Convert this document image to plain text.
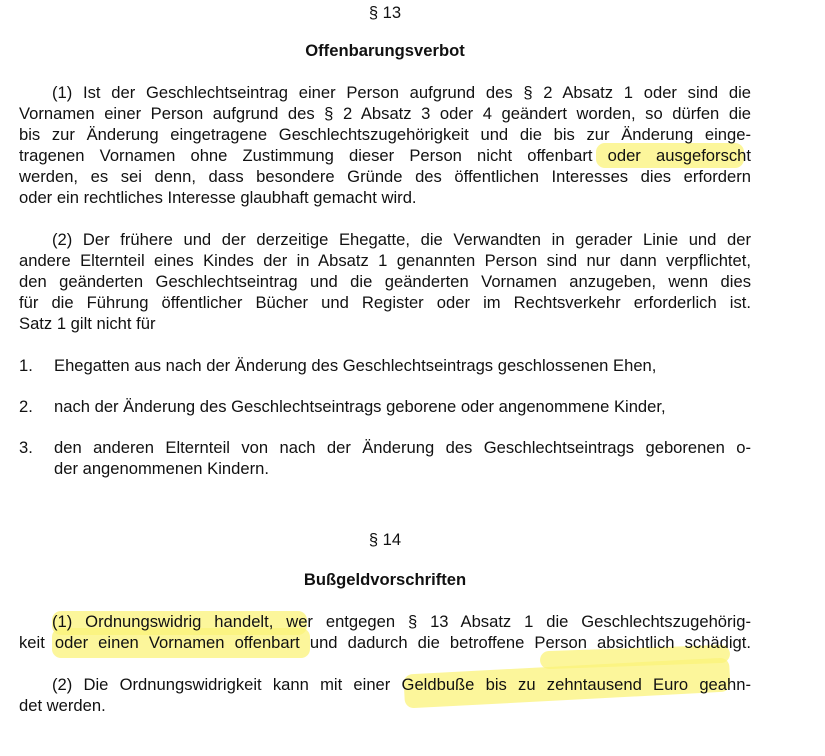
§ 13
Offenbarungsverbot
(1) Ist der Geschlechtseintrag einer Person aufgrund des § 2 Absatz 1 oder sind die
Vornamen einer Person aufgrund des § 2 Absatz 3 oder 4 geändert worden, so dürfen die
bis zur Änderung eingetragene Geschlechtszugehörigkeit und die bis zur Änderung einge-
tragenen Vornamen ohne Zustimmung dieser Person nicht offenbart oder ausgeforscht
werden, es sei denn, dass besondere Gründe des öffentlichen Interesses dies erfordern
oder ein rechtliches Interesse glaubhaft gemacht wird.
(2) Der frühere und der derzeitige Ehegatte, die Verwandten in gerader Linie und der
andere Elternteil eines Kindes der in Absatz 1 genannten Person sind nur dann verpflichtet,
den geänderten Geschlechtseintrag und die geänderten Vornamen anzugeben, wenn dies
für die Führung öffentlicher Bücher und Register oder im Rechtsverkehr erforderlich ist.
Satz 1 gilt nicht für
1. Ehegatten aus nach der Änderung des Geschlechtseintrags geschlossenen Ehen,
2. nach der Änderung des Geschlechtseintrags geborene oder angenommene Kinder,
3. den anderen Elternteil von nach der Änderung des Geschlechtseintrags geborenen o-
der angenommenen Kindern.
§ 14
Bußgeldvorschriften
(1) Ordnungswidrig handelt, wer entgegen § 13 Absatz 1 die Geschlechtszugehörig-
keit oder einen Vornamen offenbart und dadurch die betroffene Person absichtlich schädigt.
(2) Die Ordnungswidrigkeit kann mit einer Geldbuße bis zu zehntausend Euro geahn-
det werden.
